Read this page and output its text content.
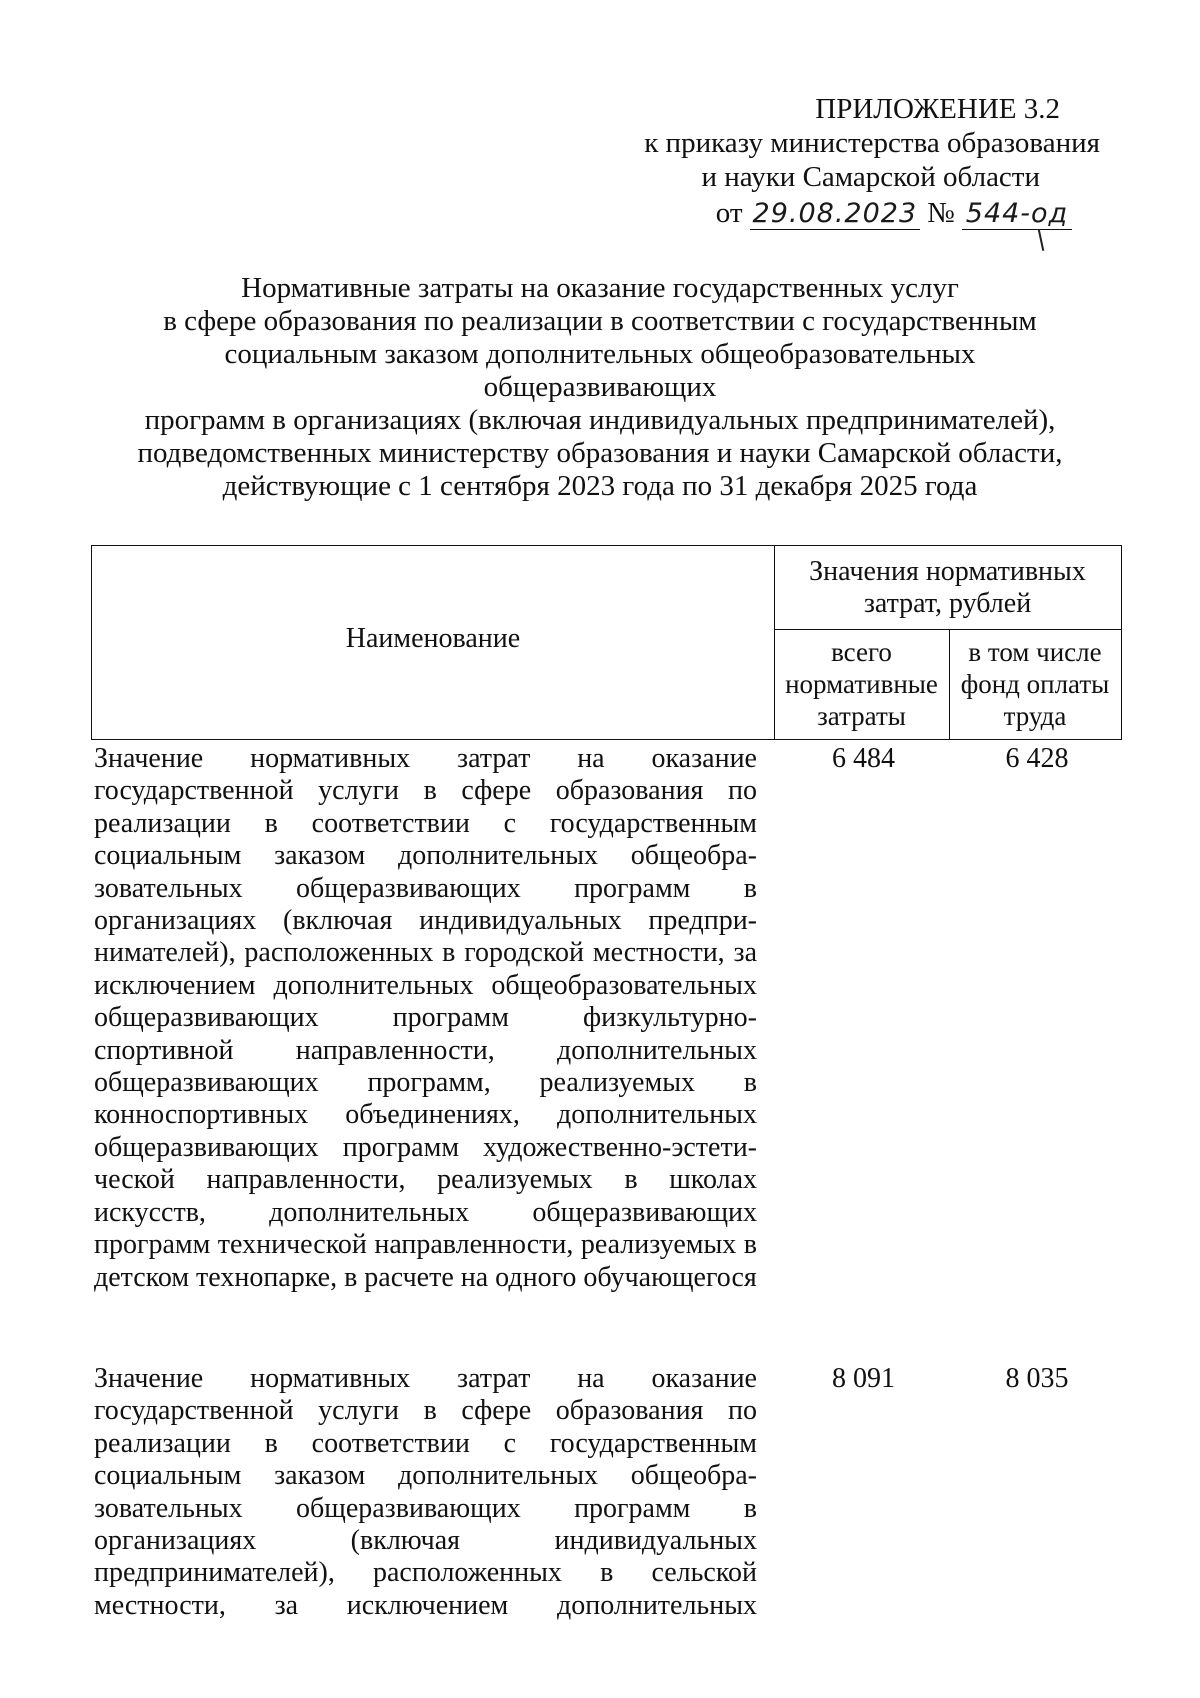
ПРИЛОЖЕНИЕ 3.2
к приказу министерства образования
и науки Самарской области
от 29.08.2023 № 544-од
Нормативные затраты на оказание государственных услуг
в сфере образования по реализации в соответствии с государственным
социальным заказом дополнительных общеобразовательных общеразвивающих
программ в организациях (включая индивидуальных предпринимателей),
подведомственных министерству образования и науки Самарской области,
действующие с 1 сентября 2023 года по 31 декабря 2025 года
Наименование
Значения нормативных затрат, рублей
всего нормативные затраты
в том числе фонд оплаты труда
Значение нормативных затрат на оказание государственной услуги в сфере образования по реализации в соответствии с государственным социальным заказом дополнительных общеобра-зовательных общеразвивающих программ в организациях (включая индивидуальных предпри-нимателей), расположенных в городской местности, за исключением дополнительных общеобразовательных общеразвивающих программ физкультурно-спортивной направленности, дополнительных общеразвивающих программ, реализуемых в конноспортивных объединениях, дополнительных общеразвивающих программ художественно-эстети-ческой направленности, реализуемых в школах искусств, дополнительных общеразвивающих программ технической направленности, реализуемых в детском технопарке, в расчете на одного обучающегося
6 484	6 428
Значение нормативных затрат на оказание государственной услуги в сфере образования по реализации в соответствии с государственным социальным заказом дополнительных общеобра-зовательных общеразвивающих программ в организациях (включая индивидуальных предпринимателей), расположенных в сельской местности, за исключением дополнительных
8 091	8 035
